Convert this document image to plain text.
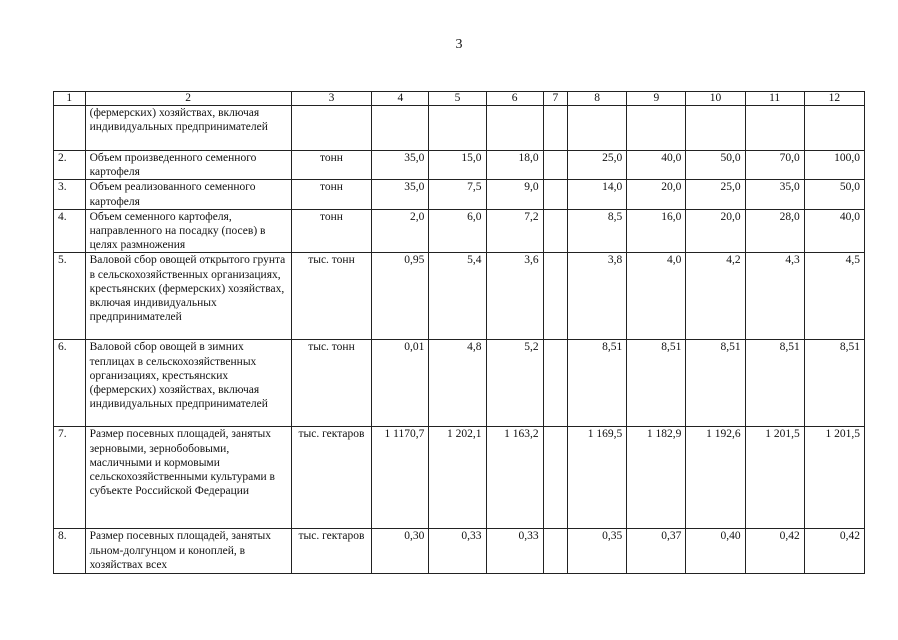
3
1	2	3	4	5	6	7	8	9	10	11	12
	(фермерских) хозяйствах, включая индивидуальных предпринимателей										
2.	Объем произведенного семенного картофеля	тонн	35,0	15,0	18,0		25,0	40,0	50,0	70,0	100,0
3.	Объем реализованного семенного картофеля	тонн	35,0	7,5	9,0		14,0	20,0	25,0	35,0	50,0
4.	Объем семенного картофеля, направленного на посадку (посев) в целях размножения	тонн	2,0	6,0	7,2		8,5	16,0	20,0	28,0	40,0
5.	Валовой сбор овощей открытого грунта в сельскохозяйственных организациях, крестьянских (фермерских) хозяйствах, включая индивидуальных предпринимателей	тыс. тонн	0,95	5,4	3,6		3,8	4,0	4,2	4,3	4,5
6.	Валовой сбор овощей в зимних теплицах в сельскохозяйственных организациях, крестьянских (фермерских) хозяйствах, включая индивидуальных предпринимателей	тыс. тонн	0,01	4,8	5,2		8,51	8,51	8,51	8,51	8,51
7.	Размер посевных площадей, занятых зерновыми, зернобобовыми, масличными и кормовыми сельскохозяйственными культурами в субъекте Российской Федерации	тыс. гектаров	1 1170,7	1 202,1	1 163,2		1 169,5	1 182,9	1 192,6	1 201,5	1 201,5
8.	Размер посевных площадей, занятых льном-долгунцом и коноплей, в хозяйствах всех	тыс. гектаров	0,30	0,33	0,33		0,35	0,37	0,40	0,42	0,42
